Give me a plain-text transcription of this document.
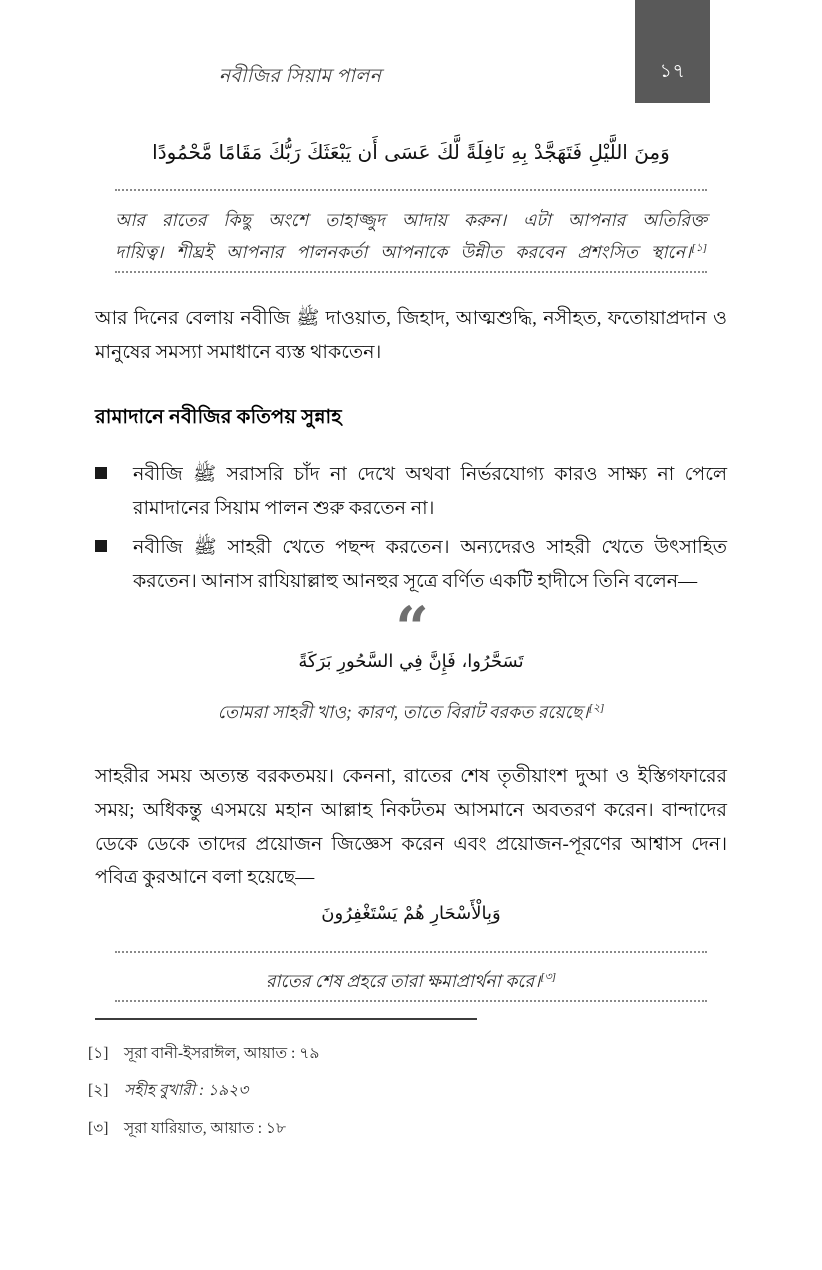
১৭
নবীজির সিয়াম পালন
وَمِنَ اللَّيْلِ فَتَهَجَّدْ بِهِ نَافِلَةً لَّكَ عَسَى أَن يَبْعَثَكَ رَبُّكَ مَقَامًا مَّحْمُودًا
আর রাতের কিছু অংশে তাহাজ্জুদ আদায় করুন। এটা আপনার অতিরিক্ত
দায়িত্ব। শীঘ্রই আপনার পালনকর্তা আপনাকে উন্নীত করবেন প্রশংসিত স্থানে।[১]

আর দিনের বেলায় নবীজি ﷺ দাওয়াত, জিহাদ, আত্মশুদ্ধি, নসীহত, ফতোয়াপ্রদান ও মানুষের সমস্যা সমাধানে ব্যস্ত থাকতেন।

রামাদানে নবীজির কতিপয় সুন্নাহ
নবীজি ﷺ সরাসরি চাঁদ না দেখে অথবা নির্ভরযোগ্য কারও সাক্ষ্য না পেলে রামাদানের সিয়াম পালন শুরু করতেন না।
নবীজি ﷺ সাহরী খেতে পছন্দ করতেন। অন্যদেরও সাহরী খেতে উৎসাহিত করতেন। আনাস রাযিয়াল্লাহু আনহুর সূত্রে বর্ণিত একটি হাদীসে তিনি বলেন—
“
تَسَحَّرُوا، فَإِنَّ فِي السَّحُورِ بَرَكَةً
তোমরা সাহরী খাও; কারণ, তাতে বিরাট বরকত রয়েছে।[২]

সাহরীর সময় অত্যন্ত বরকতময়। কেননা, রাতের শেষ তৃতীয়াংশ দুআ ও ইস্তিগফারের সময়; অধিকন্তু এসময়ে মহান আল্লাহ নিকটতম আসমানে অবতরণ করেন। বান্দাদের ডেকে ডেকে তাদের প্রয়োজন জিজ্ঞেস করেন এবং প্রয়োজন-পূরণের আশ্বাস দেন। পবিত্র কুরআনে বলা হয়েছে—

وَبِالْأَسْحَارِ هُمْ يَسْتَغْفِرُونَ
রাতের শেষ প্রহরে তারা ক্ষমাপ্রার্থনা করে।[৩]
[১]	সূরা বানী-ইসরাঈল, আয়াত : ৭৯
[২]	সহীহ বুখারী : ১৯২৩
[৩]	সূরা যারিয়াত, আয়াত : ১৮
